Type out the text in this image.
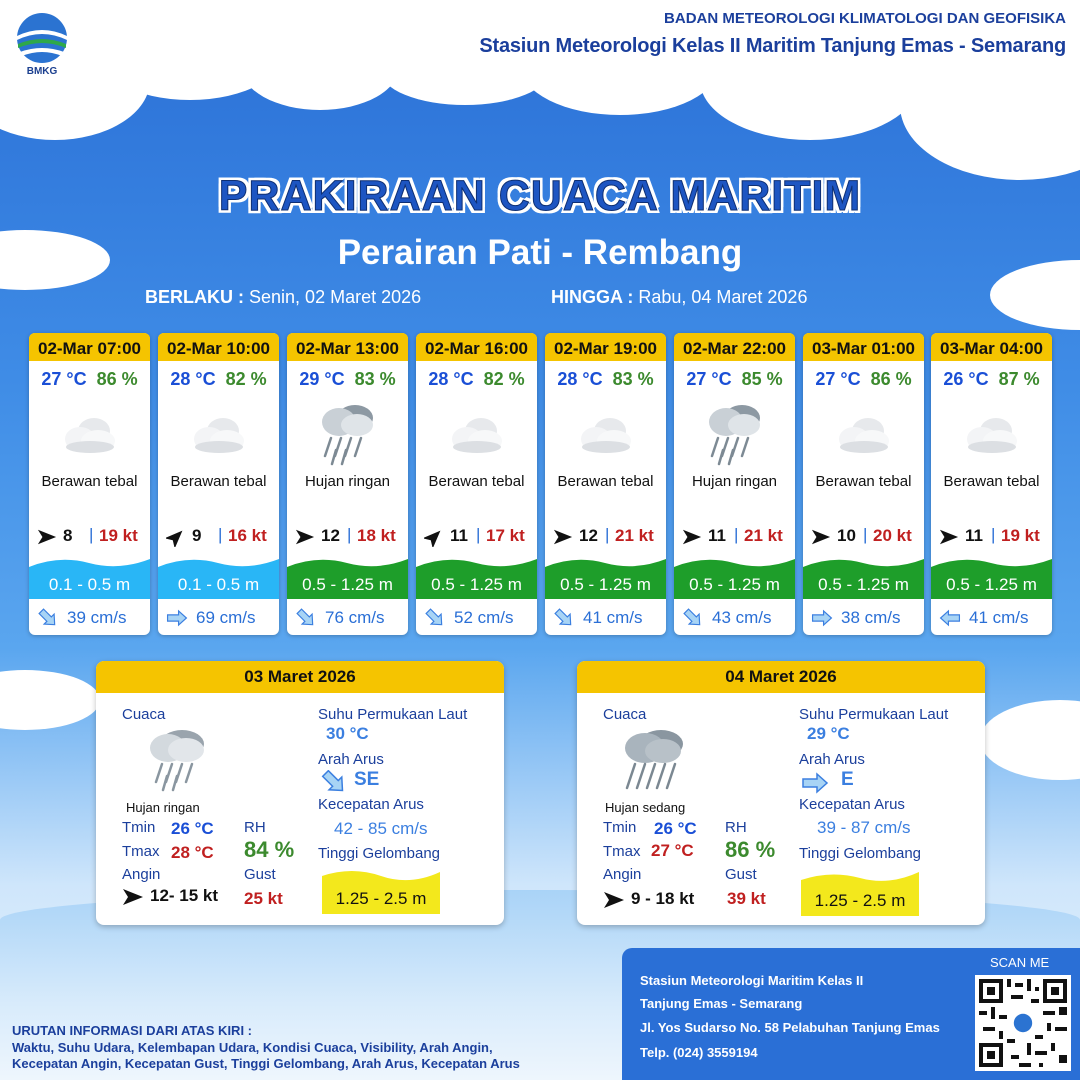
BMKG
BADAN METEOROLOGI KLIMATOLOGI DAN GEOFISIKA
Stasiun Meteorologi Kelas II Maritim Tanjung Emas - Semarang
PRAKIRAAN CUACA MARITIM
Perairan Pati - Rembang
BERLAKU : Senin, 02 Maret 2026	HINGGA : Rabu, 04 Maret 2026
02-Mar 07:00
27 °C 86 %
Berawan tebal
8 | 19 kt
0.1 - 0.5 m
39 cm/s
02-Mar 10:00
28 °C 82 %
Berawan tebal
9 | 16 kt
0.1 - 0.5 m
69 cm/s
02-Mar 13:00
29 °C 83 %
Hujan ringan
12 | 18 kt
0.5 - 1.25 m
76 cm/s
02-Mar 16:00
28 °C 82 %
Berawan tebal
11 | 17 kt
0.5 - 1.25 m
52 cm/s
02-Mar 19:00
28 °C 83 %
Berawan tebal
12 | 21 kt
0.5 - 1.25 m
41 cm/s
02-Mar 22:00
27 °C 85 %
Hujan ringan
11 | 21 kt
0.5 - 1.25 m
43 cm/s
03-Mar 01:00
27 °C 86 %
Berawan tebal
10 | 20 kt
0.5 - 1.25 m
38 cm/s
03-Mar 04:00
26 °C 87 %
Berawan tebal
11 | 19 kt
0.5 - 1.25 m
41 cm/s
03 Maret 2026
Cuaca
Hujan ringan
Tmin 26 °C
Tmax 28 °C
RH
84 %
Angin
12- 15 kt
Gust
25 kt
Suhu Permukaan Laut
30 °C
Arah Arus
SE
Kecepatan Arus
42 - 85 cm/s
Tinggi Gelombang
1.25 - 2.5 m
04 Maret 2026
Cuaca
Hujan sedang
Tmin 26 °C
Tmax 27 °C
RH
86 %
Angin
9 - 18 kt
Gust
39 kt
Suhu Permukaan Laut
29 °C
Arah Arus
E
Kecepatan Arus
39 - 87 cm/s
Tinggi Gelombang
1.25 - 2.5 m
Stasiun Meteorologi Maritim Kelas II
Tanjung Emas - Semarang
Jl. Yos Sudarso No. 58 Pelabuhan Tanjung Emas
Telp. (024) 3559194
SCAN ME
URUTAN INFORMASI DARI ATAS KIRI :
Waktu, Suhu Udara, Kelembapan Udara, Kondisi Cuaca, Visibility, Arah Angin,
Kecepatan Angin, Kecepatan Gust, Tinggi Gelombang, Arah Arus, Kecepatan Arus
